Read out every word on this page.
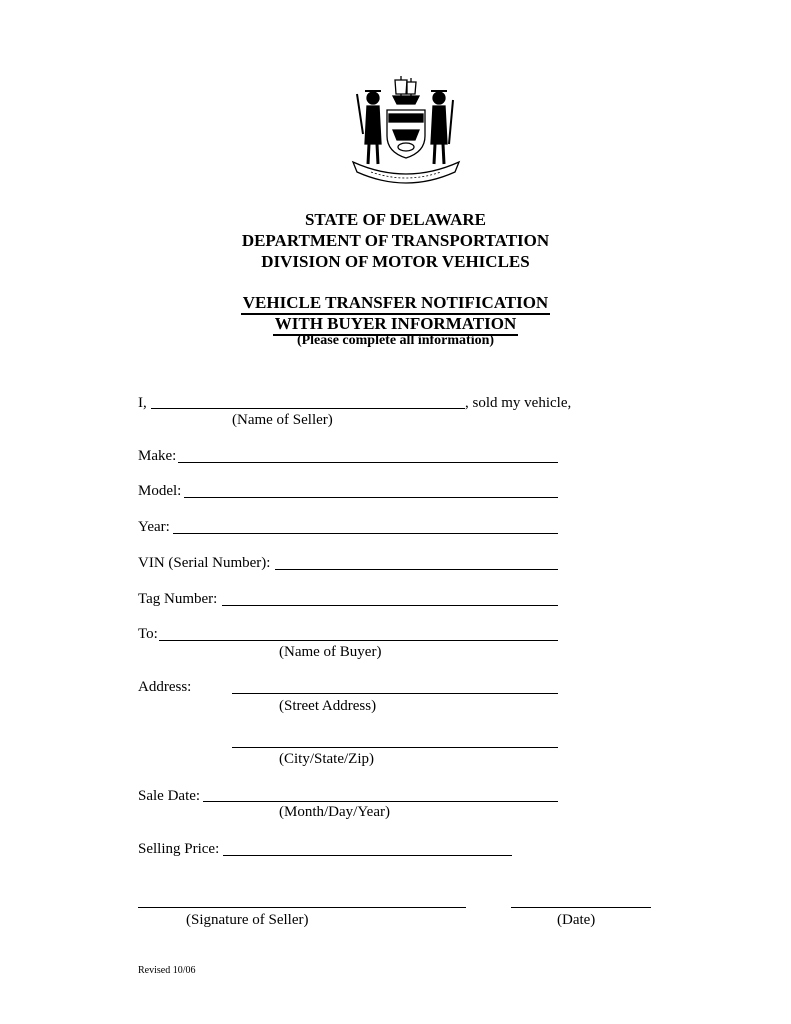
STATE OF DELAWARE
DEPARTMENT OF TRANSPORTATION
DIVISION OF MOTOR VEHICLES
VEHICLE TRANSFER NOTIFICATION
WITH BUYER INFORMATION
(Please complete all information)
I,	, sold my vehicle,
(Name of Seller)
Make:
Model:
Year:
VIN (Serial Number):
Tag Number:
To:
(Name of Buyer)
Address:
(Street Address)
(City/State/Zip)
Sale Date:
(Month/Day/Year)
Selling Price:
(Signature of Seller)	(Date)
Revised 10/06
